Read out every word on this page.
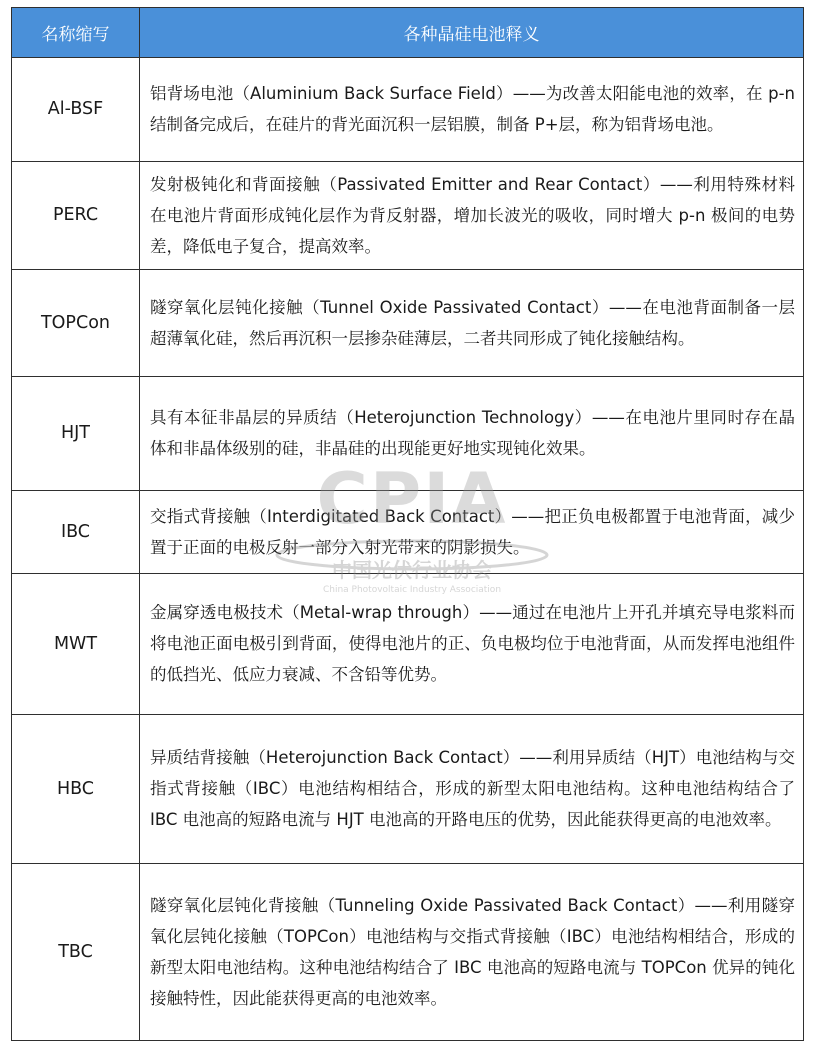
名称缩写	各种晶硅电池释义
Al-BSF	铝背场电池（Aluminium Back Surface Field）——为改善太阳能电池的效率，在 p-n 结制备完成后，在硅片的背光面沉积一层铝膜，制备 P+层，称为铝背场电池。
PERC	发射极钝化和背面接触（Passivated Emitter and Rear Contact）——利用特殊材料在电池片背面形成钝化层作为背反射器，增加长波光的吸收，同时增大 p-n 极间的电势差，降低电子复合，提高效率。
TOPCon	隧穿氧化层钝化接触（Tunnel Oxide Passivated Contact）——在电池背面制备一层超薄氧化硅，然后再沉积一层掺杂硅薄层，二者共同形成了钝化接触结构。
HJT	具有本征非晶层的异质结（Heterojunction Technology）——在电池片里同时存在晶体和非晶体级别的硅，非晶硅的出现能更好地实现钝化效果。
IBC	交指式背接触（Interdigitated Back Contact）——把正负电极都置于电池背面，减少置于正面的电极反射一部分入射光带来的阴影损失。
MWT	金属穿透电极技术（Metal-wrap through）——通过在电池片上开孔并填充导电浆料而将电池正面电极引到背面，使得电池片的正、负电极均位于电池背面，从而发挥电池组件的低挡光、低应力衰减、不含铅等优势。
HBC	异质结背接触（Heterojunction Back Contact）——利用异质结（HJT）电池结构与交指式背接触（IBC）电池结构相结合，形成的新型太阳电池结构。这种电池结构结合了 IBC 电池高的短路电流与 HJT 电池高的开路电压的优势，因此能获得更高的电池效率。
TBC	隧穿氧化层钝化背接触（Tunneling Oxide Passivated Back Contact）——利用隧穿氧化层钝化接触（TOPCon）电池结构与交指式背接触（IBC）电池结构相结合，形成的新型太阳电池结构。这种电池结构结合了 IBC 电池高的短路电流与 TOPCon 优异的钝化接触特性，因此能获得更高的电池效率。
CPIA
中国光伏行业协会
China Photovoltaic Industry Association
